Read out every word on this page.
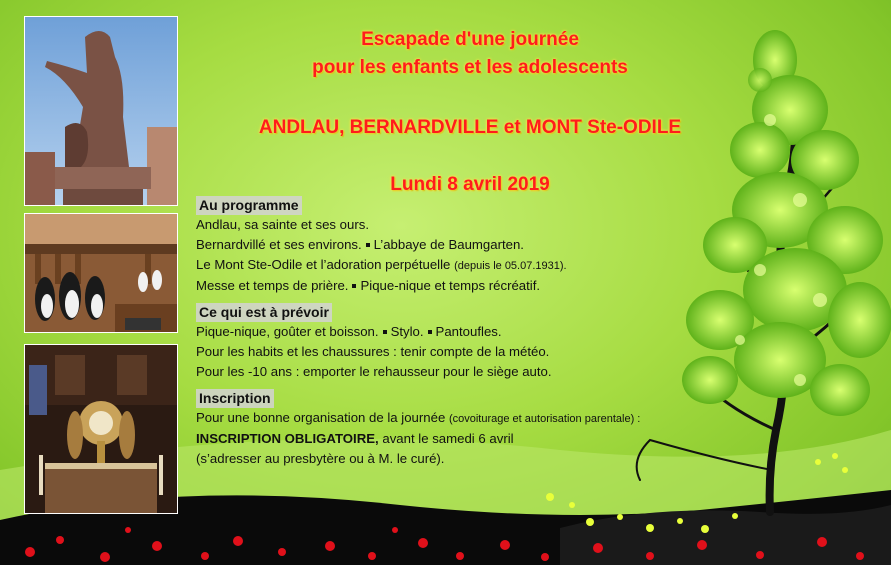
Escapade d'une journée
pour les enfants et les adolescents
ANDLAU, BERNARDVILLE et MONT Ste-ODILE
Lundi 8 avril 2019
Au programme
Andlau, sa sainte et ses ours.
Bernardvillé et ses environs. L’abbaye de Baumgarten.
Le Mont Ste-Odile et l’adoration perpétuelle (depuis le 05.07.1931).
Messe et temps de prière. Pique-nique et temps récréatif.
Ce qui est à prévoir
Pique-nique, goûter et boisson. Stylo. Pantoufles.
Pour les habits et les chaussures : tenir compte de la météo.
Pour les -10 ans : emporter le rehausseur pour le siège auto.
Inscription
Pour une bonne organisation de la journée (covoiturage et autorisation parentale) :
INSCRIPTION OBLIGATOIRE, avant le samedi 6 avril
(s’adresser au presbytère ou à M. le curé).
